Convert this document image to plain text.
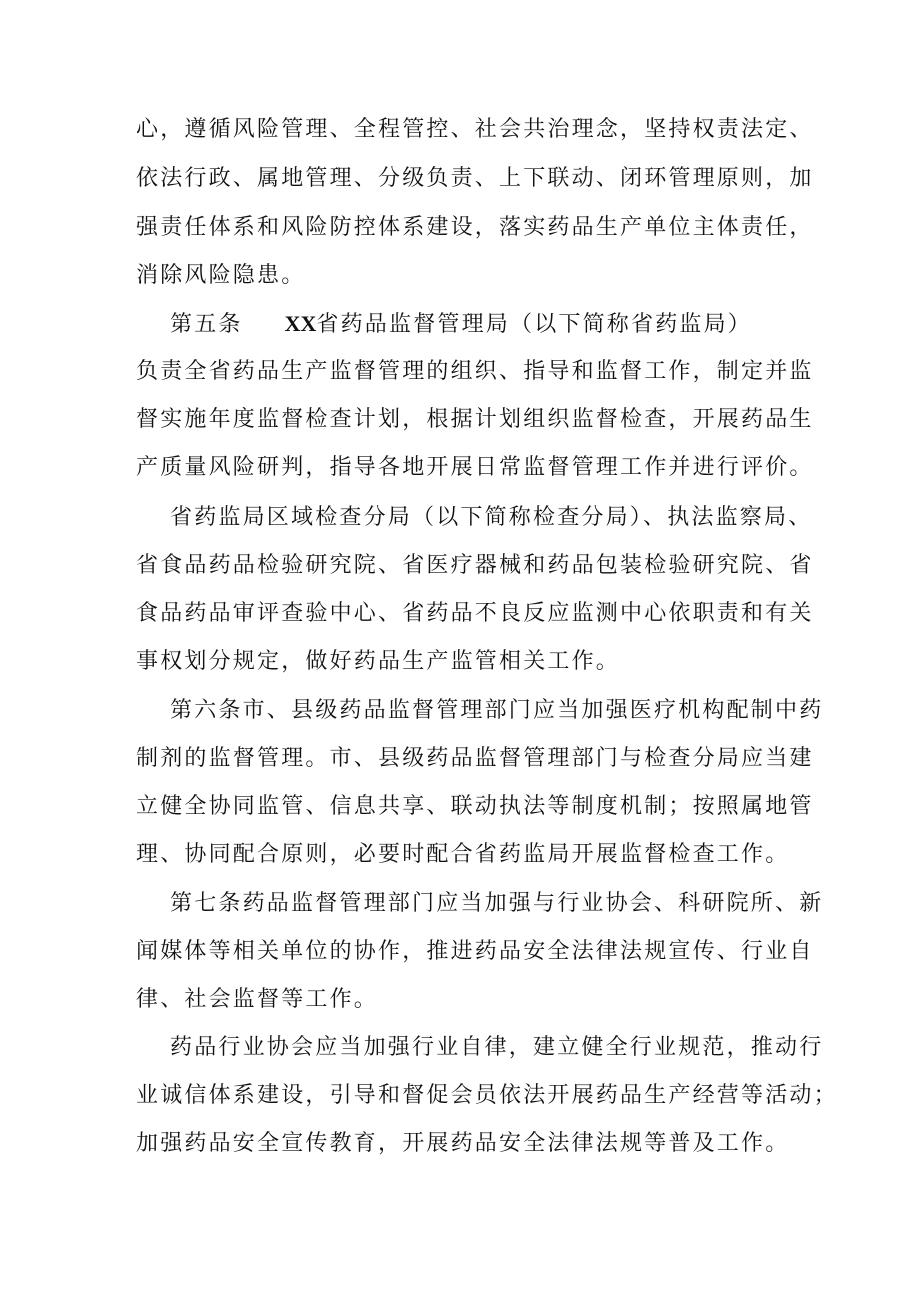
心，遵循风险管理、全程管控、社会共治理念，坚持权责法定、
依法行政、属地管理、分级负责、上下联动、闭环管理原则，加
强责任体系和风险防控体系建设，落实药品生产单位主体责任，
消除风险隐患。
第五条 XX省药品监督管理局（以下简称省药监局）
负责全省药品生产监督管理的组织、指导和监督工作，制定并监
督实施年度监督检查计划，根据计划组织监督检查，开展药品生
产质量风险研判，指导各地开展日常监督管理工作并进行评价。
省药监局区域检查分局（以下简称检查分局）、执法监察局、
省食品药品检验研究院、省医疗器械和药品包装检验研究院、省
食品药品审评查验中心、省药品不良反应监测中心依职责和有关
事权划分规定，做好药品生产监管相关工作。
第六条市、县级药品监督管理部门应当加强医疗机构配制中药
制剂的监督管理。市、县级药品监督管理部门与检查分局应当建
立健全协同监管、信息共享、联动执法等制度机制；按照属地管
理、协同配合原则，必要时配合省药监局开展监督检查工作。
第七条药品监督管理部门应当加强与行业协会、科研院所、新
闻媒体等相关单位的协作，推进药品安全法律法规宣传、行业自
律、社会监督等工作。
药品行业协会应当加强行业自律，建立健全行业规范，推动行
业诚信体系建设，引导和督促会员依法开展药品生产经营等活动；
加强药品安全宣传教育，开展药品安全法律法规等普及工作。
